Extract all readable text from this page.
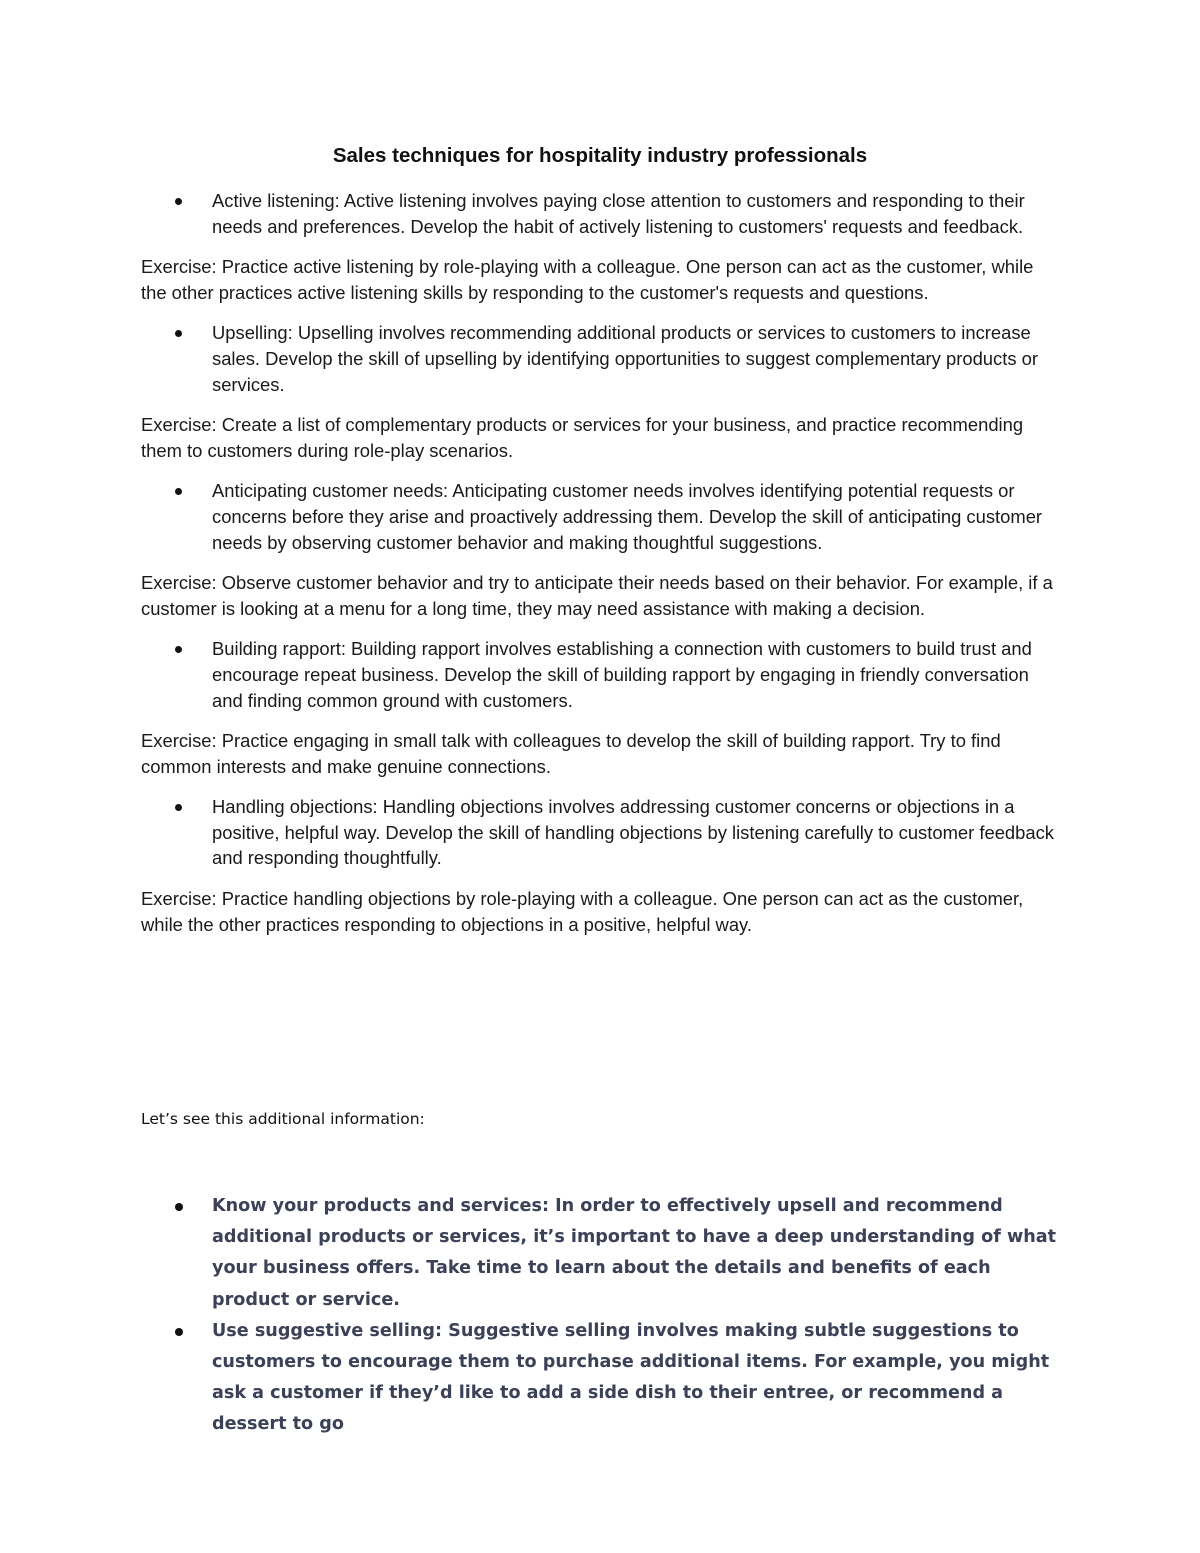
Sales techniques for hospitality industry professionals
Active listening: Active listening involves paying close attention to customers and responding to their needs and preferences. Develop the habit of actively listening to customers' requests and feedback.

Exercise: Practice active listening by role-playing with a colleague. One person can act as the customer, while the other practices active listening skills by responding to the customer's requests and questions.

Upselling: Upselling involves recommending additional products or services to customers to increase sales. Develop the skill of upselling by identifying opportunities to suggest complementary products or services.

Exercise: Create a list of complementary products or services for your business, and practice recommending them to customers during role-play scenarios.

Anticipating customer needs: Anticipating customer needs involves identifying potential requests or concerns before they arise and proactively addressing them. Develop the skill of anticipating customer needs by observing customer behavior and making thoughtful suggestions.

Exercise: Observe customer behavior and try to anticipate their needs based on their behavior. For example, if a customer is looking at a menu for a long time, they may need assistance with making a decision.

Building rapport: Building rapport involves establishing a connection with customers to build trust and encourage repeat business. Develop the skill of building rapport by engaging in friendly conversation and finding common ground with customers.

Exercise: Practice engaging in small talk with colleagues to develop the skill of building rapport. Try to find common interests and make genuine connections.

Handling objections: Handling objections involves addressing customer concerns or objections in a positive, helpful way. Develop the skill of handling objections by listening carefully to customer feedback and responding thoughtfully.

Exercise: Practice handling objections by role-playing with a colleague. One person can act as the customer, while the other practices responding to objections in a positive, helpful way.

Let’s see this additional information:

Know your products and services: In order to effectively upsell and recommend additional products or services, it’s important to have a deep understanding of what your business offers. Take time to learn about the details and benefits of each product or service.
Use suggestive selling: Suggestive selling involves making subtle suggestions to customers to encourage them to purchase additional items. For example, you might ask a customer if they’d like to add a side dish to their entree, or recommend a dessert to go
